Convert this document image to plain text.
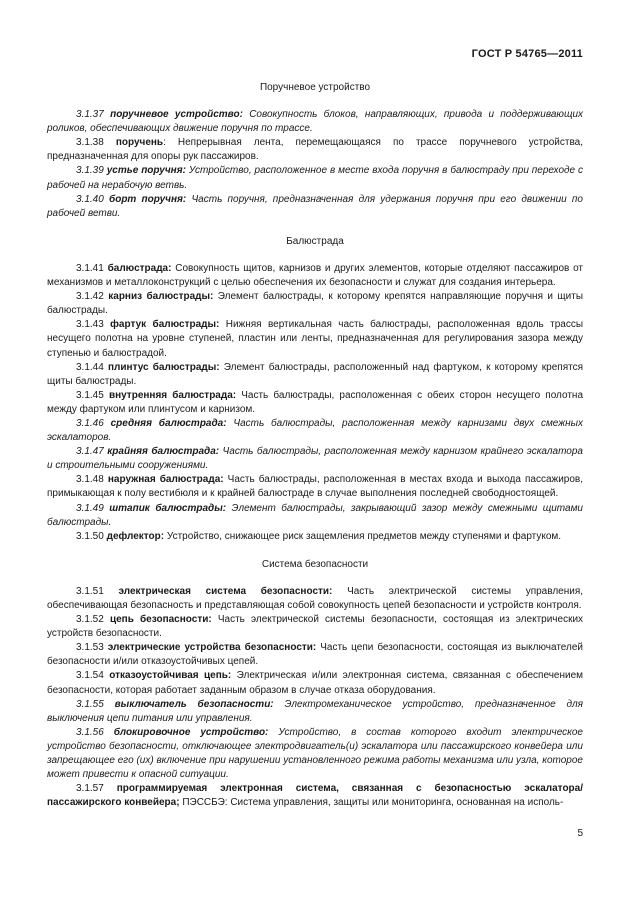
ГОСТ Р 54765—2011

Поручневое устройство

3.1.37 поручневое устройство: Совокупность блоков, направляющих, привода и поддерживающих роликов, обеспечивающих движение поручня по трассе.

3.1.38 поручень: Непрерывная лента, перемещающаяся по трассе поручневого устройства, предназначенная для опоры рук пассажиров.

3.1.39 устье поручня: Устройство, расположенное в месте входа поручня в балюстраду при переходе с рабочей на нерабочую ветвь.

3.1.40 борт поручня: Часть поручня, предназначенная для удержания поручня при его движении по рабочей ветви.

Балюстрада

3.1.41 балюстрада: Совокупность щитов, карнизов и других элементов, которые отделяют пассажиров от механизмов и металлоконструкций с целью обеспечения их безопасности и служат для создания интерьера.

3.1.42 карниз балюстрады: Элемент балюстрады, к которому крепятся направляющие поручня и щиты балюстрады.

3.1.43 фартук балюстрады: Нижняя вертикальная часть балюстрады, расположенная вдоль трассы несущего полотна на уровне ступеней, пластин или ленты, предназначенная для регулирования зазора между ступенью и балюстрадой.

3.1.44 плинтус балюстрады: Элемент балюстрады, расположенный над фартуком, к которому крепятся щиты балюстрады.

3.1.45 внутренняя балюстрада: Часть балюстрады, расположенная с обеих сторон несущего полотна между фартуком или плинтусом и карнизом.

3.1.46 средняя балюстрада: Часть балюстрады, расположенная между карнизами двух смежных эскалаторов.

3.1.47 крайняя балюстрада: Часть балюстрады, расположенная между карнизом крайнего эскалатора и строительными сооружениями.

3.1.48 наружная балюстрада: Часть балюстрады, расположенная в местах входа и выхода пассажиров, примыкающая к полу вестибюля и к крайней балюстраде в случае выполнения последней свободностоящей.

3.1.49 штапик балюстрады: Элемент балюстрады, закрывающий зазор между смежными щитами балюстрады.

3.1.50 дефлектор: Устройство, снижающее риск защемления предметов между ступенями и фартуком.

Система безопасности

3.1.51 электрическая система безопасности: Часть электрической системы управления, обеспечивающая безопасность и представляющая собой совокупность цепей безопасности и устройств контроля.

3.1.52 цепь безопасности: Часть электрической системы безопасности, состоящая из электрических устройств безопасности.

3.1.53 электрические устройства безопасности: Часть цепи безопасности, состоящая из выключателей безопасности и/или отказоустойчивых цепей.

3.1.54 отказоустойчивая цепь: Электрическая и/или электронная система, связанная с обеспечением безопасности, которая работает заданным образом в случае отказа оборудования.

3.1.55 выключатель безопасности: Электромеханическое устройство, предназначенное для выключения цепи питания или управления.

3.1.56 блокировочное устройство: Устройство, в состав которого входит электрическое устройство безопасности, отключающее электродвигатель(и) эскалатора или пассажирского конвейера или запрещающее его (их) включение при нарушении установленного режима работы механизма или узла, которое может привести к опасной ситуации.

3.1.57 программируемая электронная система, связанная с безопасностью эскалатора/пассажирского конвейера; ПЭССБЭ: Система управления, защиты или мониторинга, основанная на исполь-

5
